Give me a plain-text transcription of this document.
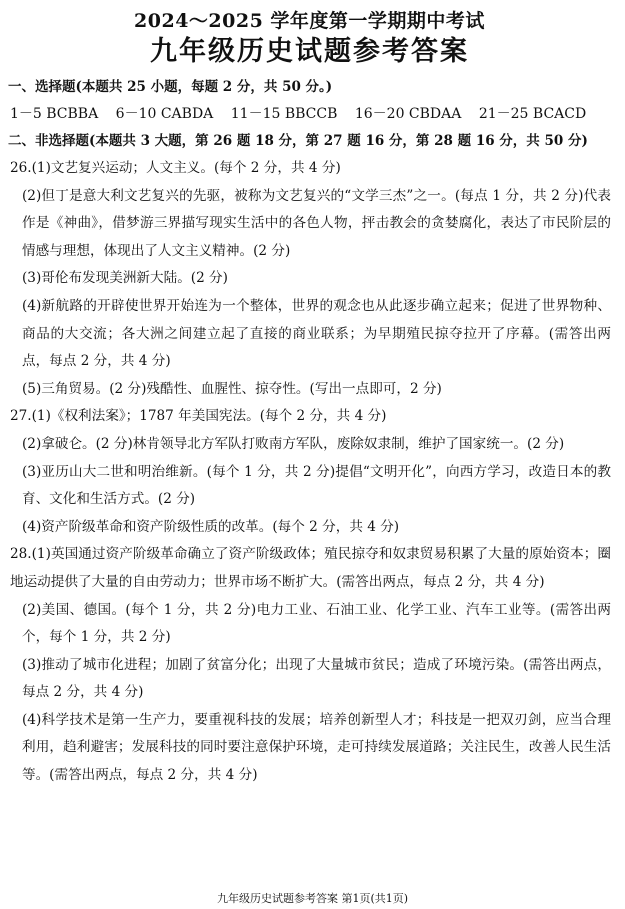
2024～2025 学年度第一学期期中考试
九年级历史试题参考答案
一、选择题(本题共 25 小题，每题 2 分，共 50 分。)
1－5 BCBBA 6－10 CABDA 11－15 BBCCB 16－20 CBDAA 21－25 BCACD
二、非选择题(本题共 3 大题，第 26 题 18 分，第 27 题 16 分，第 28 题 16 分，共 50 分)
26.(1)文艺复兴运动；人文主义。(每个 2 分，共 4 分)
(2)但丁是意大利文艺复兴的先驱，被称为文艺复兴的“文学三杰”之一。(每点 1 分，共 2 分)代表作是《神曲》，借梦游三界描写现实生活中的各色人物，抨击教会的贪婪腐化，表达了市民阶层的情感与理想，体现出了人文主义精神。(2 分)
(3)哥伦布发现美洲新大陆。(2 分)
(4)新航路的开辟使世界开始连为一个整体，世界的观念也从此逐步确立起来；促进了世界物种、商品的大交流；各大洲之间建立起了直接的商业联系；为早期殖民掠夺拉开了序幕。(需答出两点，每点 2 分，共 4 分)
(5)三角贸易。(2 分)残酷性、血腥性、掠夺性。(写出一点即可，2 分)
27.(1)《权利法案》；1787 年美国宪法。(每个 2 分，共 4 分)
(2)拿破仑。(2 分)林肯领导北方军队打败南方军队，废除奴隶制，维护了国家统一。(2 分)
(3)亚历山大二世和明治维新。(每个 1 分，共 2 分)提倡“文明开化”，向西方学习，改造日本的教育、文化和生活方式。(2 分)
(4)资产阶级革命和资产阶级性质的改革。(每个 2 分，共 4 分)
28.(1)英国通过资产阶级革命确立了资产阶级政体；殖民掠夺和奴隶贸易积累了大量的原始资本；圈地运动提供了大量的自由劳动力；世界市场不断扩大。(需答出两点，每点 2 分，共 4 分)
(2)美国、德国。(每个 1 分，共 2 分)电力工业、石油工业、化学工业、汽车工业等。(需答出两个，每个 1 分，共 2 分)
(3)推动了城市化进程；加剧了贫富分化；出现了大量城市贫民；造成了环境污染。(需答出两点，每点 2 分，共 4 分)
(4)科学技术是第一生产力，要重视科技的发展；培养创新型人才；科技是一把双刃剑，应当合理利用，趋利避害；发展科技的同时要注意保护环境，走可持续发展道路；关注民生，改善人民生活等。(需答出两点，每点 2 分，共 4 分)
九年级历史试题参考答案 第1页(共1页)
